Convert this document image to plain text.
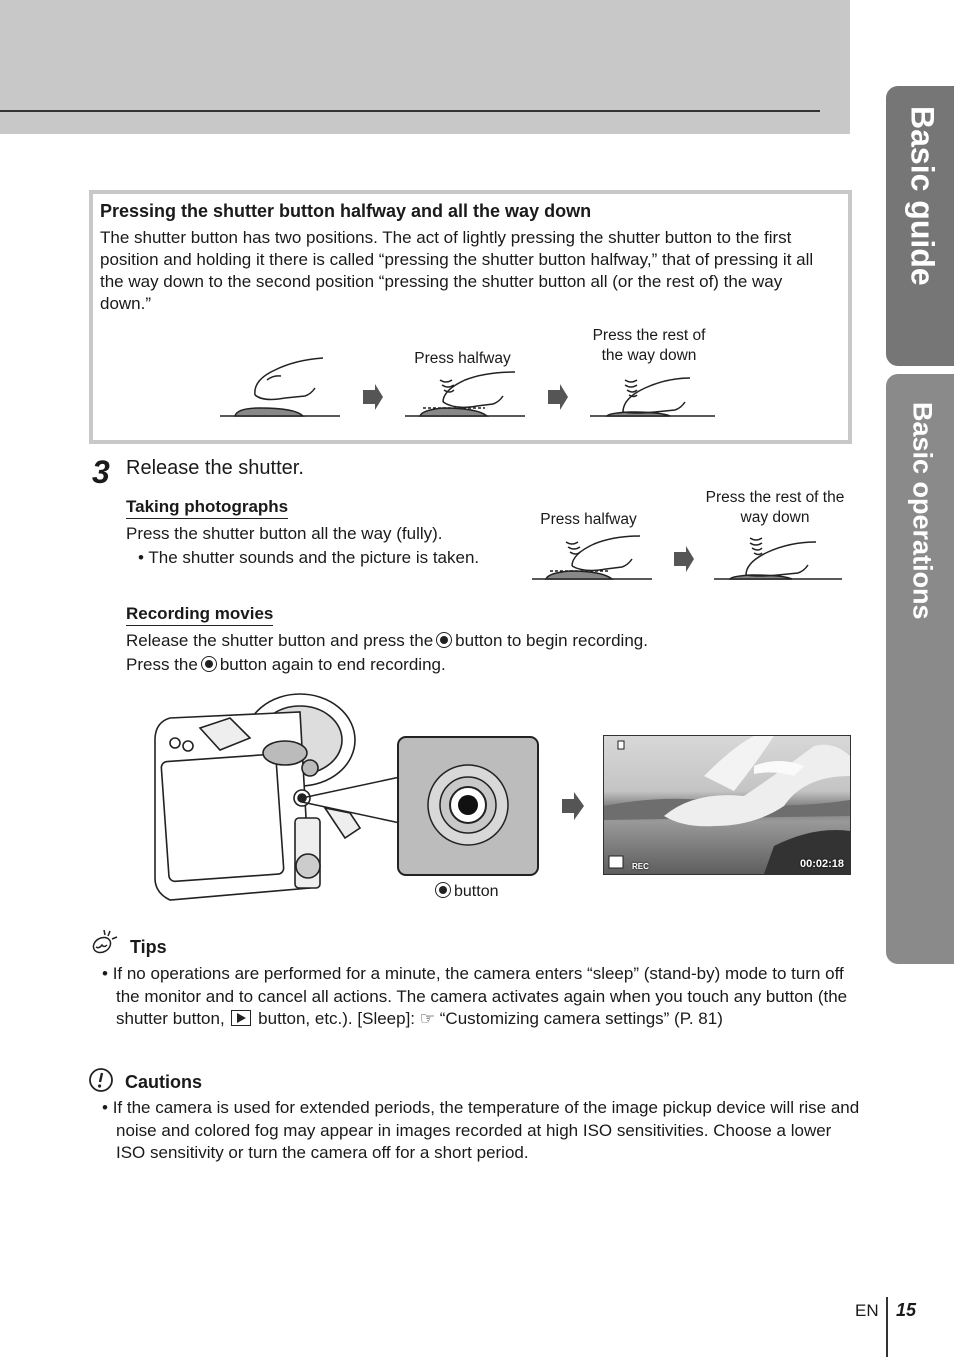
Basic guide
Basic operations
Pressing the shutter button halfway and all the way down
The shutter button has two positions. The act of lightly pressing the shutter button to the first position and holding it there is called “pressing the shutter button halfway,” that of pressing it all the way down to the second position “pressing the shutter button all (or the rest of) the way down.”
Press halfway
Press the rest of the way down
3 Release the shutter.
Taking photographs
Press the shutter button all the way (fully).
• The shutter sounds and the picture is taken.
Press halfway
Press the rest of the way down
Recording movies
Release the shutter button and press the button to begin recording.
Press the button again to end recording.
button
REC	00:02:18
Tips
• If no operations are performed for a minute, the camera enters “sleep” (stand-by) mode to turn off the monitor and to cancel all actions. The camera activates again when you touch any button (the shutter button, button, etc.). [Sleep]: ☞ “Customizing camera settings” (P. 81)
Cautions
• If the camera is used for extended periods, the temperature of the image pickup device will rise and noise and colored fog may appear in images recorded at high ISO sensitivities. Choose a lower ISO sensitivity or turn the camera off for a short period.
EN 15
